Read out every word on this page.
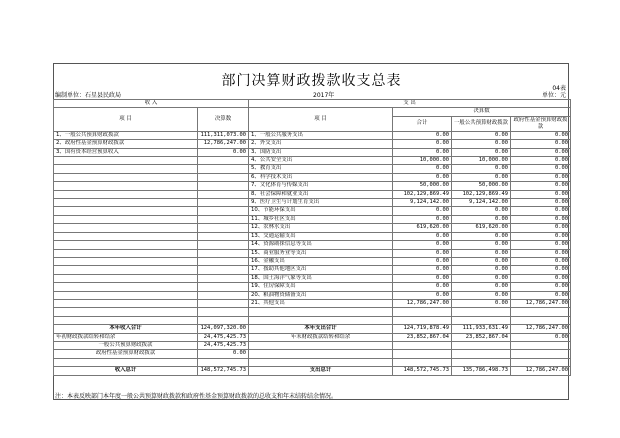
部门决算财政拨款收支总表	04表
编制单位：石星县民政局	2017年	单位：元
收 入		支 出			
项 目	决算数	项 目	决算数		
			合计	一般公共预算财政拨款	政府性基金预算财政拨款

1、一般公共预算财政拨款	111,311,073.00	1、一般公共服务支出	0.00	0.00	0.00
2、政府性基金预算财政拨款	12,786,247.00	2、外交支出	0.00	0.00	0.00
3、国有资本经营预算收入	0.00	3、国防支出	0.00	0.00	0.00
		4、公共安全支出	10,000.00	10,000.00	0.00
		5、教育支出	0.00	0.00	0.00
		6、科学技术支出	0.00	0.00	0.00
		7、文化体育与传媒支出	50,000.00	50,000.00	0.00
		8、社会保障和就业支出	102,129,869.49	102,129,869.49	0.00
		9、医疗卫生与计划生育支出	9,124,142.00	9,124,142.00	0.00
		10、节能环保支出	0.00	0.00	0.00
		11、城乡社区支出	0.00	0.00	0.00
		12、农林水支出	619,620.00	619,620.00	0.00
		13、交通运输支出	0.00	0.00	0.00
		14、资源勘探信息等支出	0.00	0.00	0.00
		15、商业服务业等支出	0.00	0.00	0.00
		16、金融支出	0.00	0.00	0.00
		17、援助其他地区支出	0.00	0.00	0.00
		18、国土海洋气象等支出	0.00	0.00	0.00
		19、住房保障支出	0.00	0.00	0.00
		20、粮油物资储备支出	0.00	0.00	0.00
		21、其他支出	12,786,247.00	0.00	12,786,247.00

本年收入合计	124,097,320.00	本年支出合计	124,719,878.49	111,933,631.49	12,786,247.00
年初财政拨款结转和结余	24,475,425.73	年末财政拨款结转和结余	23,852,867.04	23,852,867.04	0.00
一般公共预算财政拨款	24,475,425.73				
政府性基金预算财政拨款	0.00				

收入总计	148,572,745.73	支出总计	148,572,745.73	135,786,498.73	12,786,247.00
注：本表反映部门本年度一般公共预算财政拨款和政府性基金预算财政拨款的总收支和年末结转结余情况。
